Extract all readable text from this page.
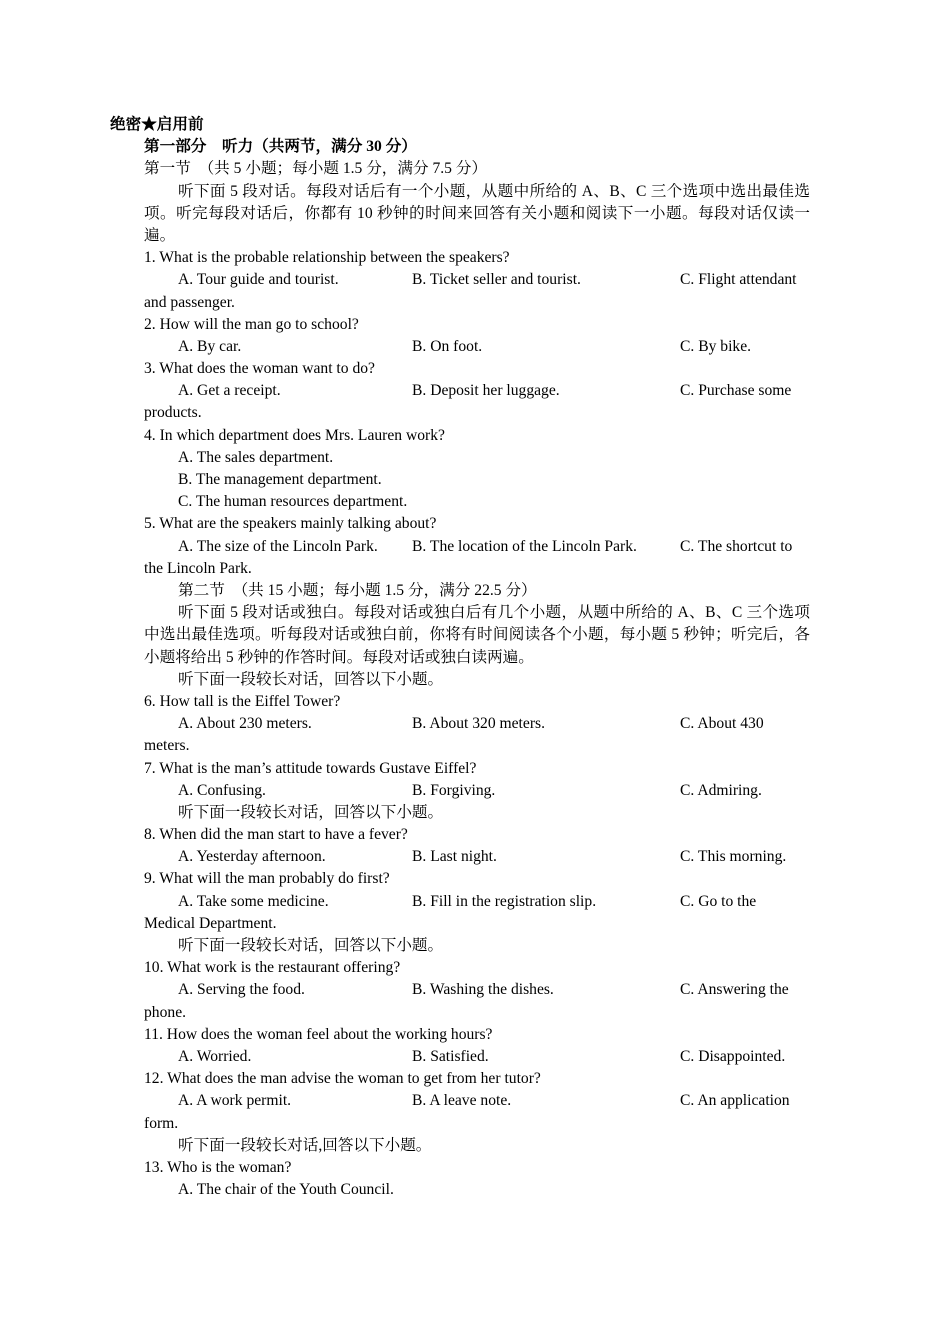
绝密★启用前
第一部分　听力（共两节，满分 30 分）
第一节　（共 5 小题；每小题 1.5 分，满分 7.5 分）
听下面 5 段对话。每段对话后有一个小题，从题中所给的 A、B、C 三个选项中选出最佳选项。听完每段对话后，你都有 10 秒钟的时间来回答有关小题和阅读下一小题。每段对话仅读一遍。
1. What is the probable relationship between the speakers?
A. Tour guide and tourist.	B. Ticket seller and tourist.	C. Flight attendant
and passenger.
2. How will the man go to school?
A. By car.	B. On foot.	C. By bike.
3. What does the woman want to do?
A. Get a receipt.	B. Deposit her luggage.	C. Purchase some
products.
4. In which department does Mrs. Lauren work?
A. The sales department.
B. The management department.
C. The human resources department.
5. What are the speakers mainly talking about?
A. The size of the Lincoln Park. B. The location of the Lincoln Park.	C. The shortcut to
the Lincoln Park.
第二节　（共 15 小题；每小题 1.5 分，满分 22.5 分）
听下面 5 段对话或独白。每段对话或独白后有几个小题，从题中所给的 A、B、C 三个选项中选出最佳选项。听每段对话或独白前，你将有时间阅读各个小题，每小题 5 秒钟；听完后，各小题将给出 5 秒钟的作答时间。每段对话或独白读两遍。
听下面一段较长对话，回答以下小题。
6. How tall is the Eiffel Tower?
A. About 230 meters.	B. About 320 meters.	C. About 430
meters.
7. What is the man’s attitude towards Gustave Eiffel?
A. Confusing.	B. Forgiving.	C. Admiring.
听下面一段较长对话，回答以下小题。
8. When did the man start to have a fever?
A. Yesterday afternoon.	B. Last night.	C. This morning.
9. What will the man probably do first?
A. Take some medicine.	B. Fill in the registration slip.	C. Go to the
Medical Department.
听下面一段较长对话，回答以下小题。
10. What work is the restaurant offering?
A. Serving the food.	B. Washing the dishes.	C. Answering the
phone.
11. How does the woman feel about the working hours?
A. Worried.	B. Satisfied.	C. Disappointed.
12. What does the man advise the woman to get from her tutor?
A. A work permit.	B. A leave note.	C. An application
form.
听下面一段较长对话,回答以下小题。
13. Who is the woman?
A. The chair of the Youth Council.
